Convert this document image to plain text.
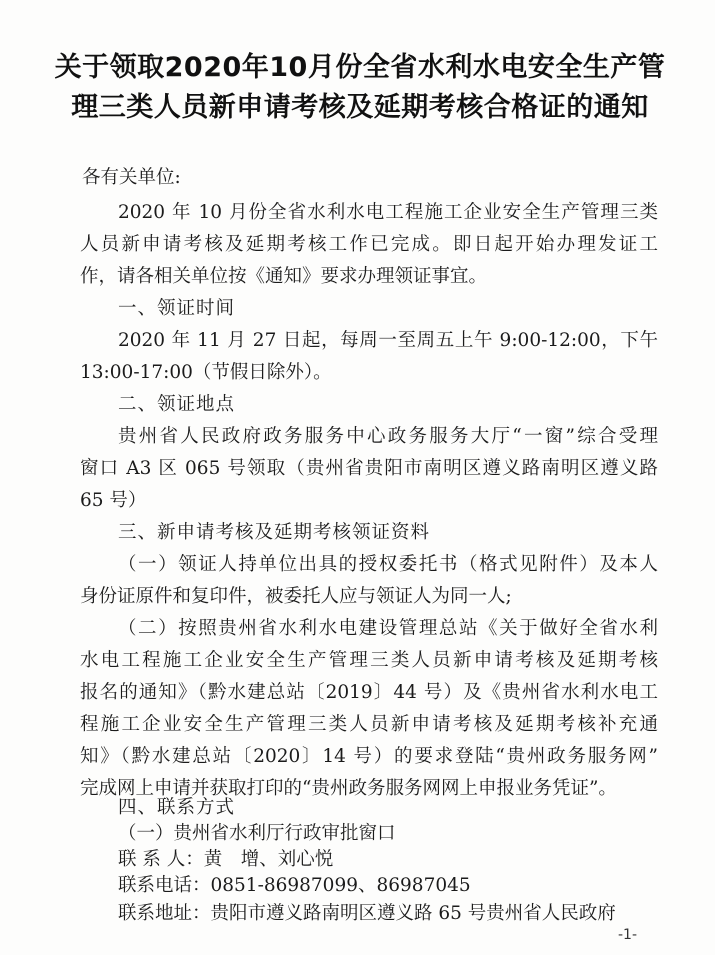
关于领取2020年10月份全省水利水电安全生产管
理三类人员新申请考核及延期考核合格证的通知
各有关单位:
2020 年 10 月份全省水利水电工程施工企业安全生产管理三类
人员新申请考核及延期考核工作已完成。即日起开始办理发证工
作，请各相关单位按《通知》要求办理领证事宜。
一、领证时间
2020 年 11 月 27 日起，每周一至周五上午 9:00-12:00，下午
13:00-17:00（节假日除外）。
二、领证地点
贵州省人民政府政务服务中心政务服务大厅“一窗”综合受理
窗口 A3 区 065 号领取（贵州省贵阳市南明区遵义路南明区遵义路
65 号）
三、新申请考核及延期考核领证资料
（一）领证人持单位出具的授权委托书（格式见附件）及本人
身份证原件和复印件，被委托人应与领证人为同一人;
（二）按照贵州省水利水电建设管理总站《关于做好全省水利
水电工程施工企业安全生产管理三类人员新申请考核及延期考核
报名的通知》（黔水建总站〔2019〕44 号）及《贵州省水利水电工
程施工企业安全生产管理三类人员新申请考核及延期考核补充通
知》（黔水建总站〔2020〕14 号）的要求登陆“贵州政务服务网”
完成网上申请并获取打印的“贵州政务服务网网上申报业务凭证”。
四、联系方式
（一）贵州省水利厅行政审批窗口
联 系 人：黄　增、刘心悦
联系电话：0851-86987099、86987045
-1-
联系地址：贵阳市遵义路南明区遵义路 65 号贵州省人民政府
